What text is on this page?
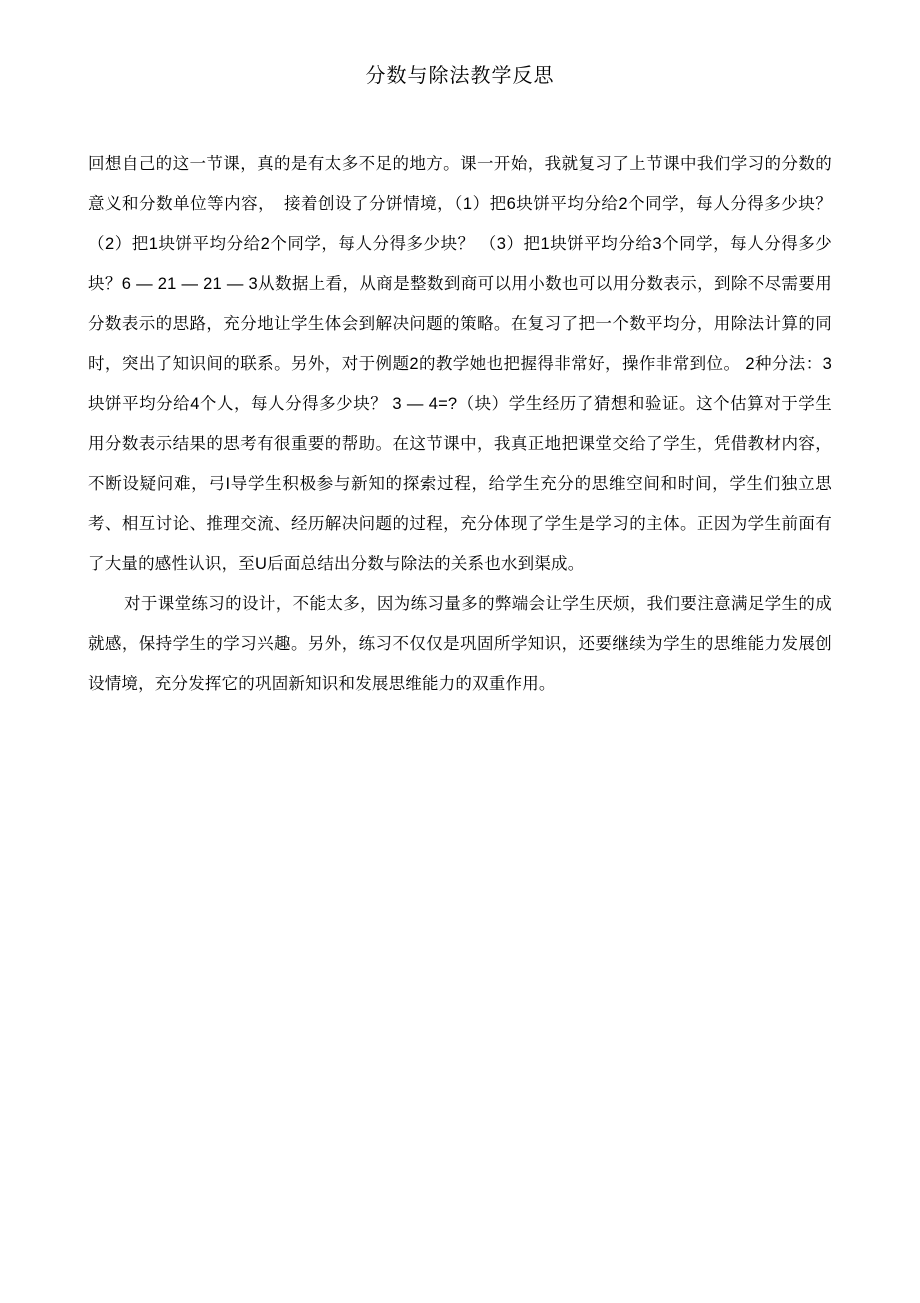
分数与除法教学反思

回想自己的这一节课，真的是有太多不足的地方。课一开始，我就复习了上节课中我们学习的分数的意义和分数单位等内容，　接着创设了分饼情境，（1）把6块饼平均分给2个同学，每人分得多少块？ （2）把1块饼平均分给2个同学，每人分得多少块？ （3）把1块饼平均分给3个同学，每人分得多少块？6 — 21 — 21 — 3从数据上看，从商是整数到商可以用小数也可以用分数表示，到除不尽需要用分数表示的思路，充分地让学生体会到解决问题的策略。在复习了把一个数平均分，用除法计算的同时，突出了知识间的联系。另外，对于例题2的教学她也把握得非常好，操作非常到位。 2种分法：3块饼平均分给4个人，每人分得多少块？ 3 — 4=?（块）学生经历了猜想和验证。这个估算对于学生用分数表示结果的思考有很重要的帮助。在这节课中，我真正地把课堂交给了学生，凭借教材内容，不断设疑问难，弓I导学生积极参与新知的探索过程，给学生充分的思维空间和时间，学生们独立思考、相互讨论、推理交流、经历解决问题的过程，充分体现了学生是学习的主体。正因为学生前面有了大量的感性认识，至U后面总结出分数与除法的关系也水到渠成。

对于课堂练习的设计，不能太多，因为练习量多的弊端会让学生厌烦，我们要注意满足学生的成就感，保持学生的学习兴趣。另外，练习不仅仅是巩固所学知识，还要继续为学生的思维能力发展创设情境，充分发挥它的巩固新知识和发展思维能力的双重作用。
